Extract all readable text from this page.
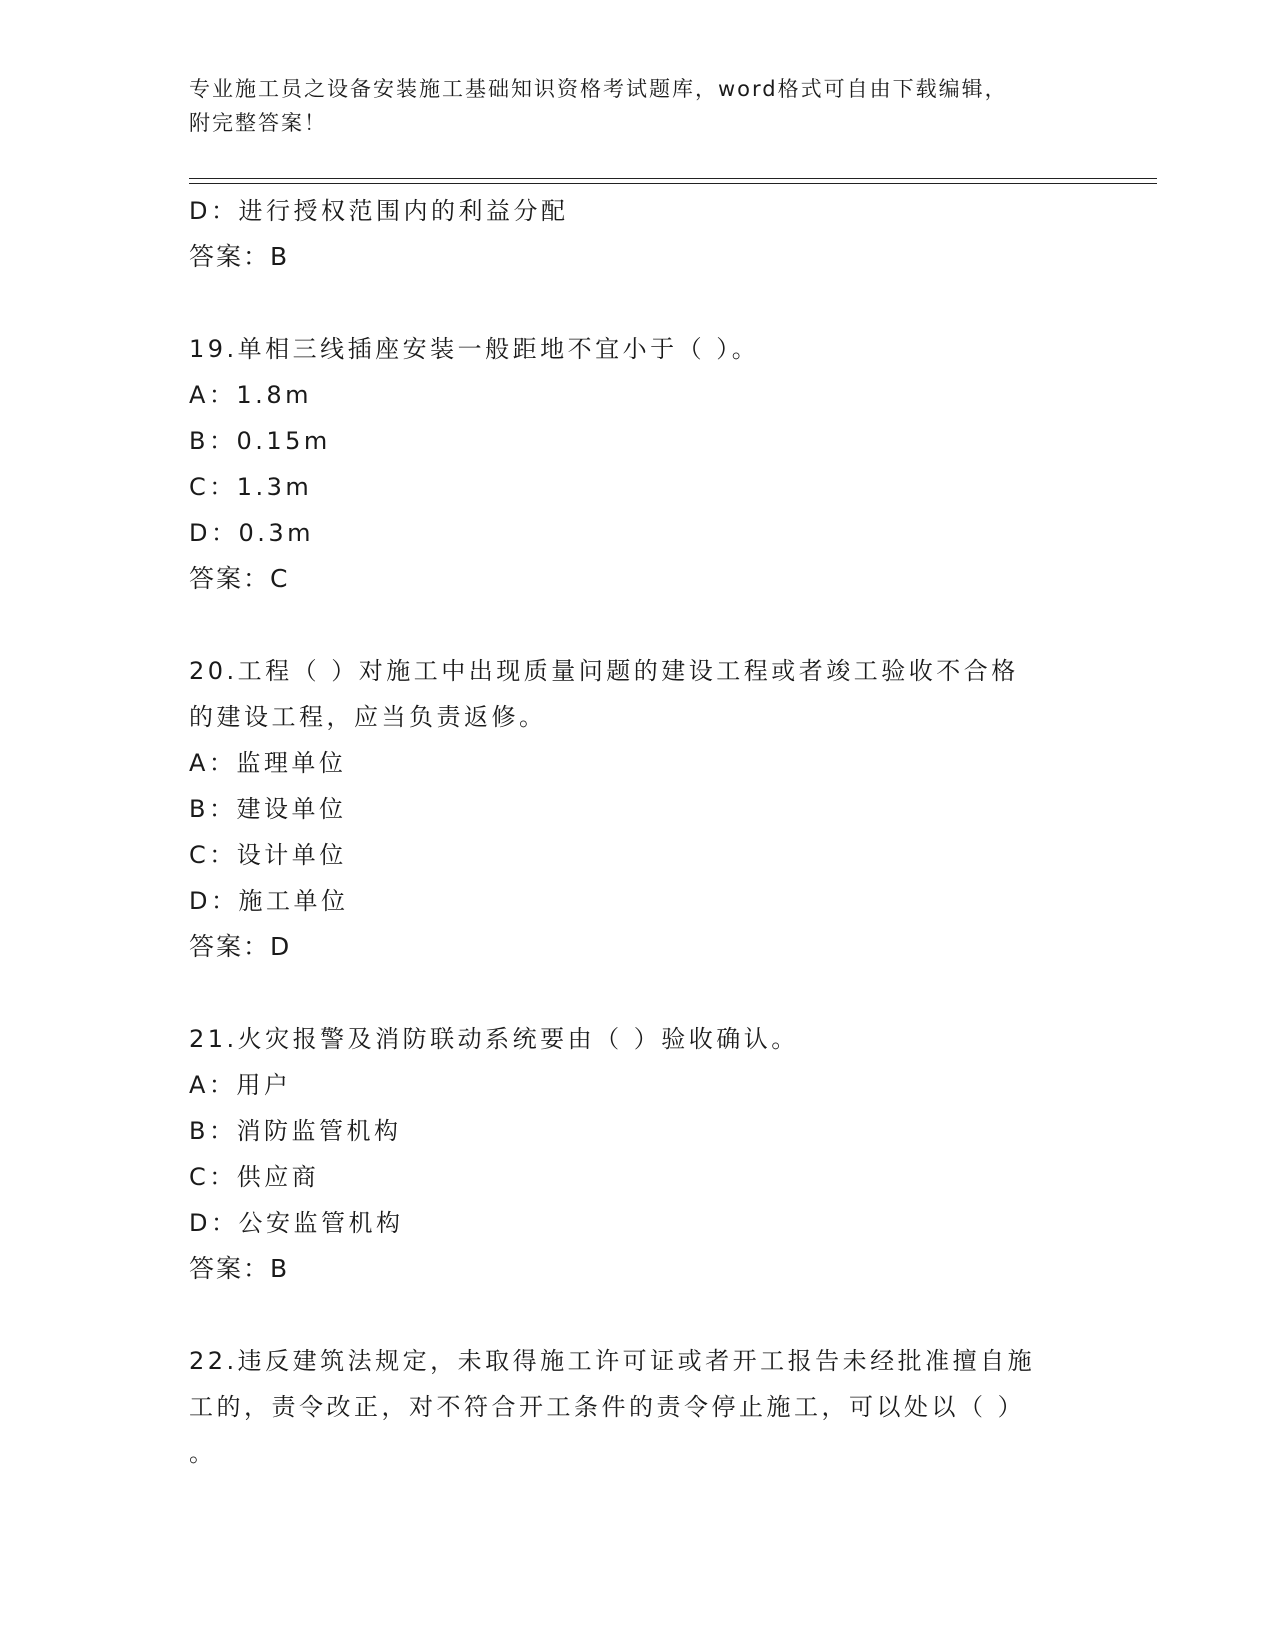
专业施工员之设备安装施工基础知识资格考试题库，word格式可自由下载编辑，
附完整答案！
D：进行授权范围内的利益分配
答案：B
19.单相三线插座安装一般距地不宜小于（ ）。
A：1.8m
B：0.15m
C：1.3m
D：0.3m
答案：C
20.工程（ ）对施工中出现质量问题的建设工程或者竣工验收不合格
的建设工程，应当负责返修。
A：监理单位
B：建设单位
C：设计单位
D：施工单位
答案：D
21.火灾报警及消防联动系统要由（ ）验收确认。
A：用户
B：消防监管机构
C：供应商
D：公安监管机构
答案：B
22.违反建筑法规定，未取得施工许可证或者开工报告未经批准擅自施
工的，责令改正，对不符合开工条件的责令停止施工，可以处以（ ）
。
